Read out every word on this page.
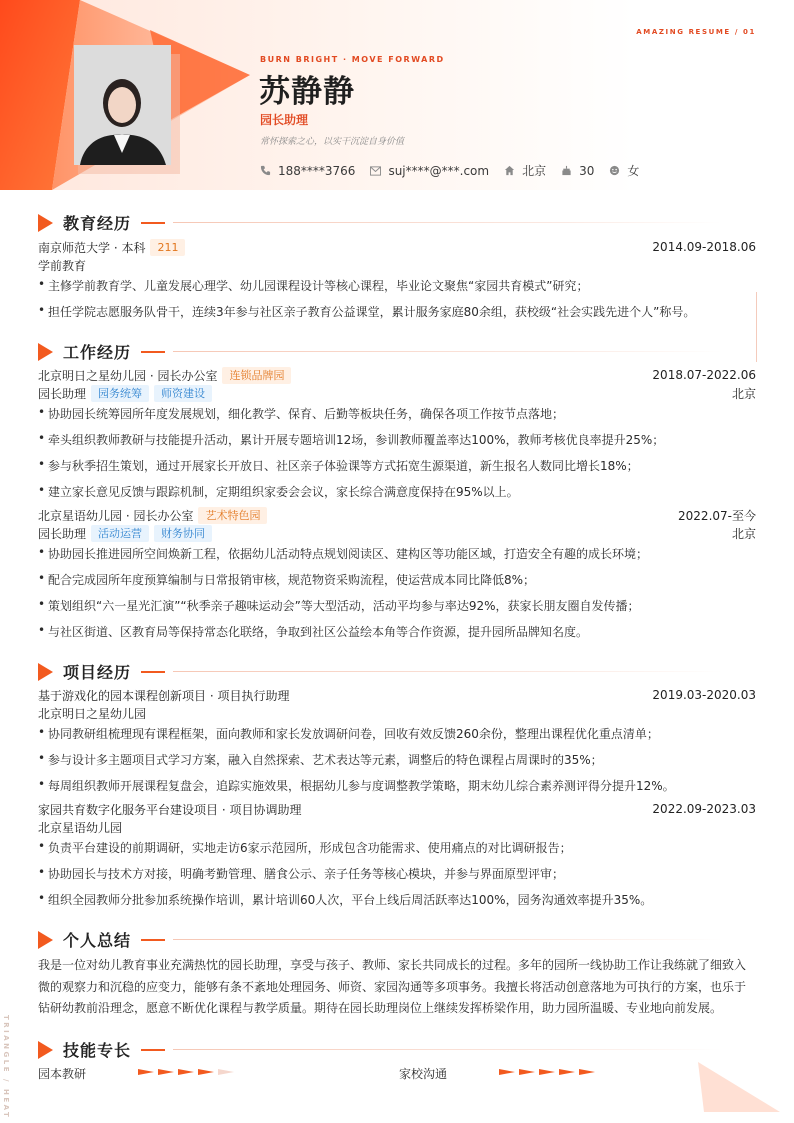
AMAZING RESUME / 01
BURN BRIGHT · MOVE FORWARD
苏静静
园长助理
常怀探索之心，以实干沉淀自身价值
188****3766	suj****@***.com	北京	30	女
教育经历
南京师范大学 · 本科	211	2014.09-2018.06
学前教育
• 主修学前教育学、儿童发展心理学、幼儿园课程设计等核心课程，毕业论文聚焦“家园共育模式”研究；
• 担任学院志愿服务队骨干，连续3年参与社区亲子教育公益课堂，累计服务家庭80余组，获校级“社会实践先进个人”称号。
工作经历
北京明日之星幼儿园 · 园长办公室	连锁品牌园	2018.07-2022.06
园长助理	园务统筹	师资建设	北京
• 协助园长统筹园所年度发展规划，细化教学、保育、后勤等板块任务，确保各项工作按节点落地；
• 牵头组织教师教研与技能提升活动，累计开展专题培训12场，参训教师覆盖率达100%，教师考核优良率提升25%；
• 参与秋季招生策划，通过开展家长开放日、社区亲子体验课等方式拓宽生源渠道，新生报名人数同比增长18%；
• 建立家长意见反馈与跟踪机制，定期组织家委会会议，家长综合满意度保持在95%以上。
北京星语幼儿园 · 园长办公室	艺术特色园	2022.07-至今
园长助理	活动运营	财务协同	北京
• 协助园长推进园所空间焕新工程，依据幼儿活动特点规划阅读区、建构区等功能区域，打造安全有趣的成长环境；
• 配合完成园所年度预算编制与日常报销审核，规范物资采购流程，使运营成本同比降低8%；
• 策划组织“六一星光汇演”“秋季亲子趣味运动会”等大型活动，活动平均参与率达92%，获家长朋友圈自发传播；
• 与社区街道、区教育局等保持常态化联络，争取到社区公益绘本角等合作资源，提升园所品牌知名度。
项目经历
基于游戏化的园本课程创新项目 · 项目执行助理	2019.03-2020.03
北京明日之星幼儿园
• 协同教研组梳理现有课程框架，面向教师和家长发放调研问卷，回收有效反馈260余份，整理出课程优化重点清单；
• 参与设计多主题项目式学习方案，融入自然探索、艺术表达等元素，调整后的特色课程占周课时的35%；
• 每周组织教师开展课程复盘会，追踪实施效果，根据幼儿参与度调整教学策略，期末幼儿综合素养测评得分提升12%。
家园共育数字化服务平台建设项目 · 项目协调助理	2022.09-2023.03
北京星语幼儿园
• 负责平台建设的前期调研，实地走访6家示范园所，形成包含功能需求、使用痛点的对比调研报告；
• 协助园长与技术方对接，明确考勤管理、膳食公示、亲子任务等核心模块，并参与界面原型评审；
• 组织全园教师分批参加系统操作培训，累计培训60人次，平台上线后周活跃率达100%，园务沟通效率提升35%。
个人总结
我是一位对幼儿教育事业充满热忱的园长助理，享受与孩子、教师、家长共同成长的过程。多年的园所一线协助工作让我练就了细致入
微的观察力和沉稳的应变力，能够有条不紊地处理园务、师资、家园沟通等多项事务。我擅长将活动创意落地为可执行的方案，也乐于
钻研幼教前沿理念，愿意不断优化课程与教学质量。期待在园长助理岗位上继续发挥桥梁作用，助力园所温暖、专业地向前发展。
技能专长
园本教研	家校沟通
TRIANGLE / HEAT
